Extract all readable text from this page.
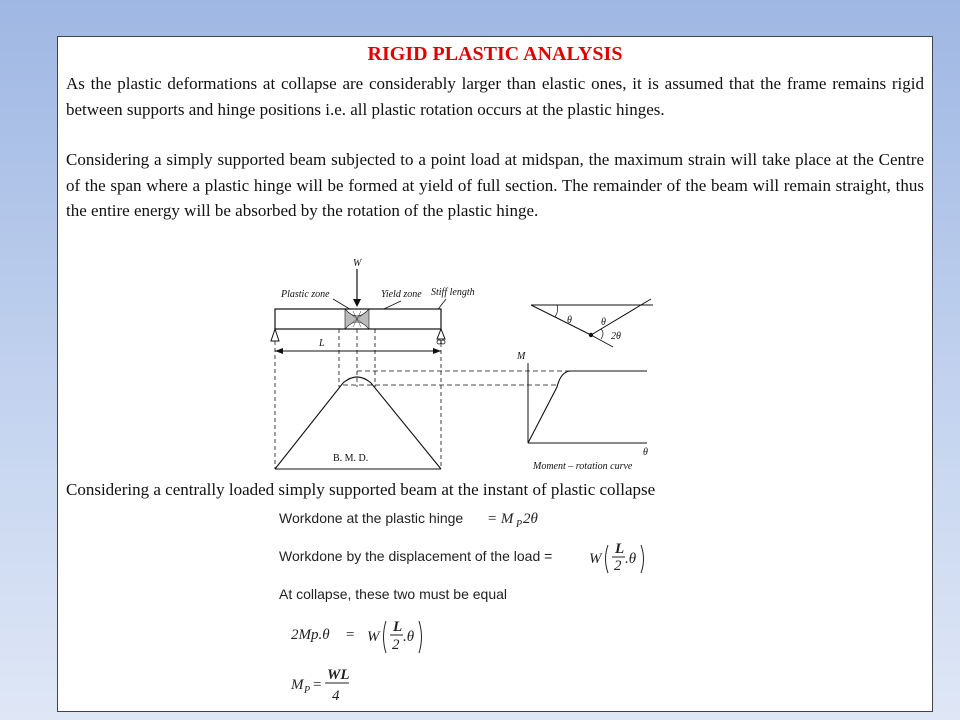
RIGID PLASTIC ANALYSIS

As the plastic deformations at collapse are considerably larger than elastic ones, it is assumed that the frame remains rigid between supports and hinge positions i.e. all plastic rotation occurs at the plastic hinges.

Considering a simply supported beam subjected to a point load at midspan, the maximum strain will take place at the Centre of the span where a plastic hinge will be formed at yield of full section. The remainder of the beam will remain straight, thus the entire energy will be absorbed by the rotation of the plastic hinge.

W
Plastic zone	Yield zone Stiff length
L
B. M. D.
M
θ
Moment – rotation curve
θ	θ
2θ

Considering a centrally loaded simply supported beam at the instant of plastic collapse

Workdone at the plastic hinge = M P 2θ
Workdone by the displacement of the load = W
L
2 .θ
At collapse, these two must be equal
2Mp.θ = W
L
2 .θ
M P =
WL
4
